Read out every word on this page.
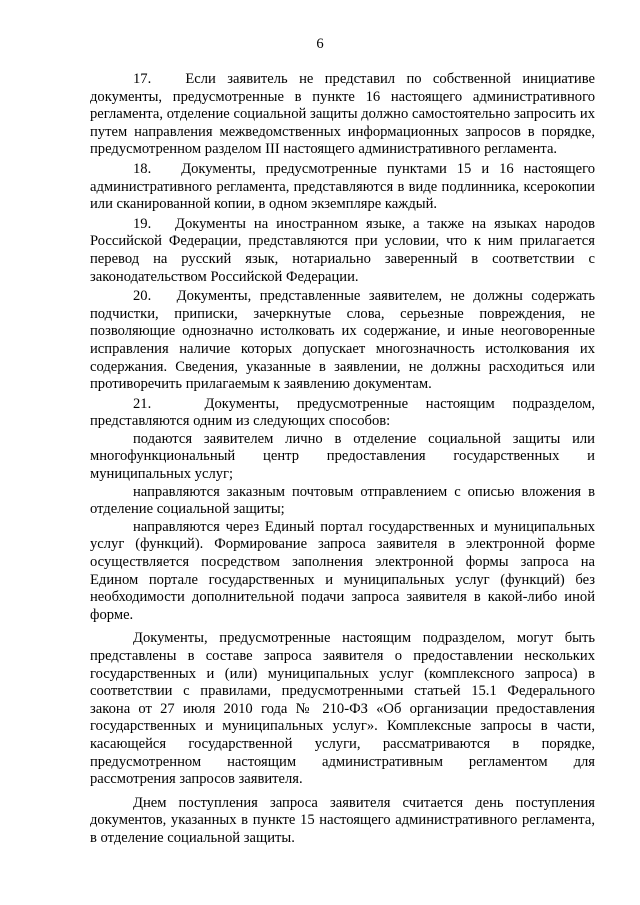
6

17.   Если заявитель не представил по собственной инициативе документы, предусмотренные в пункте 16 настоящего административного регламента, отделение социальной защиты должно самостоятельно запросить их путем направления межведомственных информационных запросов в порядке, предусмотренном разделом III настоящего административного регламента.

18.   Документы, предусмотренные пунктами 15 и 16 настоящего административного регламента, представляются в виде подлинника, ксерокопии или сканированной копии, в одном экземпляре каждый.

19.   Документы на иностранном языке, а также на языках народов Российской Федерации, представляются при условии, что к ним прилагается перевод на русский язык, нотариально заверенный в соответствии с законодательством Российской Федерации.

20.   Документы, представленные заявителем, не должны содержать подчистки, приписки, зачеркнутые слова, серьезные повреждения, не позволяющие однозначно истолковать их содержание, и иные неоговоренные исправления наличие которых допускает многозначность истолкования их содержания. Сведения, указанные в заявлении, не должны расходиться или противоречить прилагаемым к заявлению документам.

21.   Документы, предусмотренные настоящим подразделом, представляются одним из следующих способов:

подаются заявителем лично в отделение социальной защиты или многофункциональный центр предоставления государственных и муниципальных услуг;

направляются заказным почтовым отправлением с описью вложения в отделение социальной защиты;

направляются через Единый портал государственных и муниципальных услуг (функций). Формирование запроса заявителя в электронной форме осуществляется посредством заполнения электронной формы запроса на Едином портале государственных и муниципальных услуг (функций) без необходимости дополнительной подачи запроса заявителя в какой-либо иной форме.

Документы, предусмотренные настоящим подразделом, могут быть представлены в составе запроса заявителя о предоставлении нескольких государственных и (или) муниципальных услуг (комплексного запроса) в соответствии с правилами, предусмотренными статьей 15.1 Федерального закона от 27 июля 2010 года № 210-ФЗ «Об организации предоставления государственных и муниципальных услуг». Комплексные запросы в части, касающейся государственной услуги, рассматриваются в порядке, предусмотренном настоящим административным регламентом для рассмотрения запросов заявителя.

Днем поступления запроса заявителя считается день поступления документов, указанных в пункте 15 настоящего административного регламента, в отделение социальной защиты.
